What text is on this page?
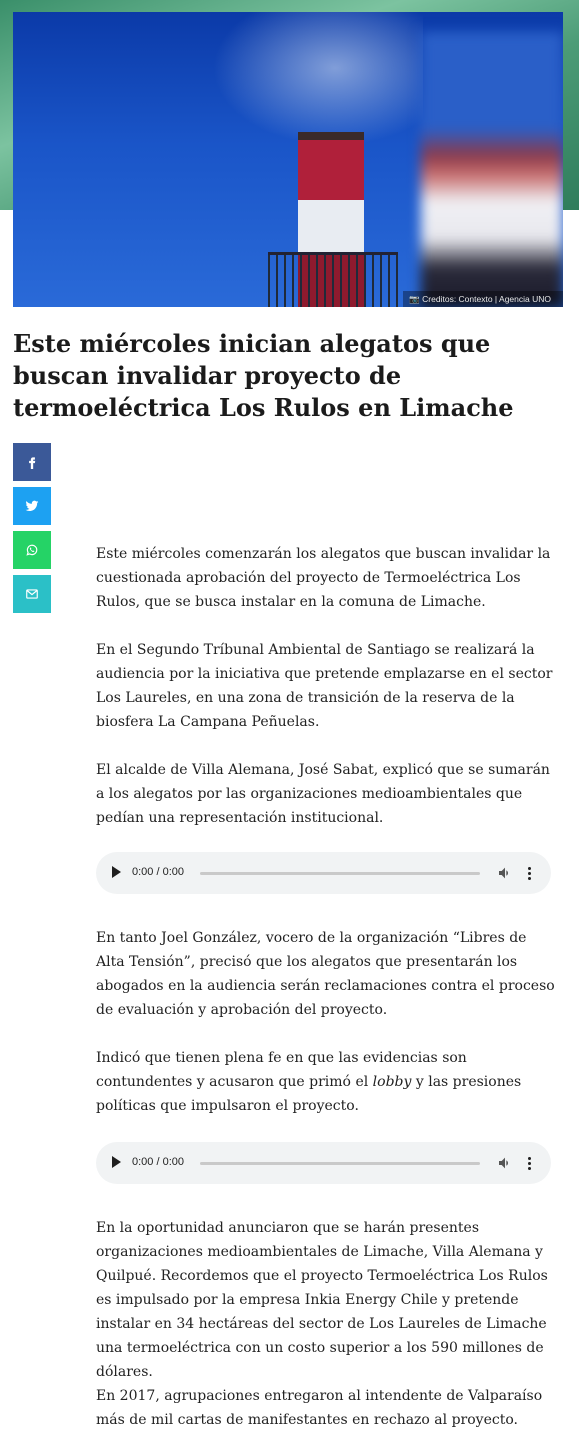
📷 Creditos: Contexto | Agencia UNO
Este miércoles inician alegatos que buscan invalidar proyecto de termoeléctrica Los Rulos en Limache

Este miércoles comenzarán los alegatos que buscan invalidar la cuestionada aprobación del proyecto de Termoeléctrica Los Rulos, que se busca instalar en la comuna de Limache.

En el Segundo Tríbunal Ambiental de Santiago se realizará la audiencia por la iniciativa que pretende emplazarse en el sector Los Laureles, en una zona de transición de la reserva de la biosfera La Campana Peñuelas.

El alcalde de Villa Alemana, José Sabat, explicó que se sumarán a los alegatos por las organizaciones medioambientales que pedían una representación institucional.

0:00 / 0:00

En tanto Joel González, vocero de la organización “Libres de Alta Tensión”, precisó que los alegatos que presentarán los abogados en la audiencia serán reclamaciones contra el proceso de evaluación y aprobación del proyecto.

Indicó que tienen plena fe en que las evidencias son contundentes y acusaron que primó el lobby y las presiones políticas que impulsaron el proyecto.

0:00 / 0:00

En la oportunidad anunciaron que se harán presentes organizaciones medioambientales de Limache, Villa Alemana y Quilpué. Recordemos que el proyecto Termoeléctrica Los Rulos es impulsado por la empresa Inkia Energy Chile y pretende instalar en 34 hectáreas del sector de Los Laureles de Limache una termoeléctrica con un costo superior a los 590 millones de dólares.

En 2017, agrupaciones entregaron al intendente de Valparaíso más de mil cartas de manifestantes en rechazo al proyecto.
